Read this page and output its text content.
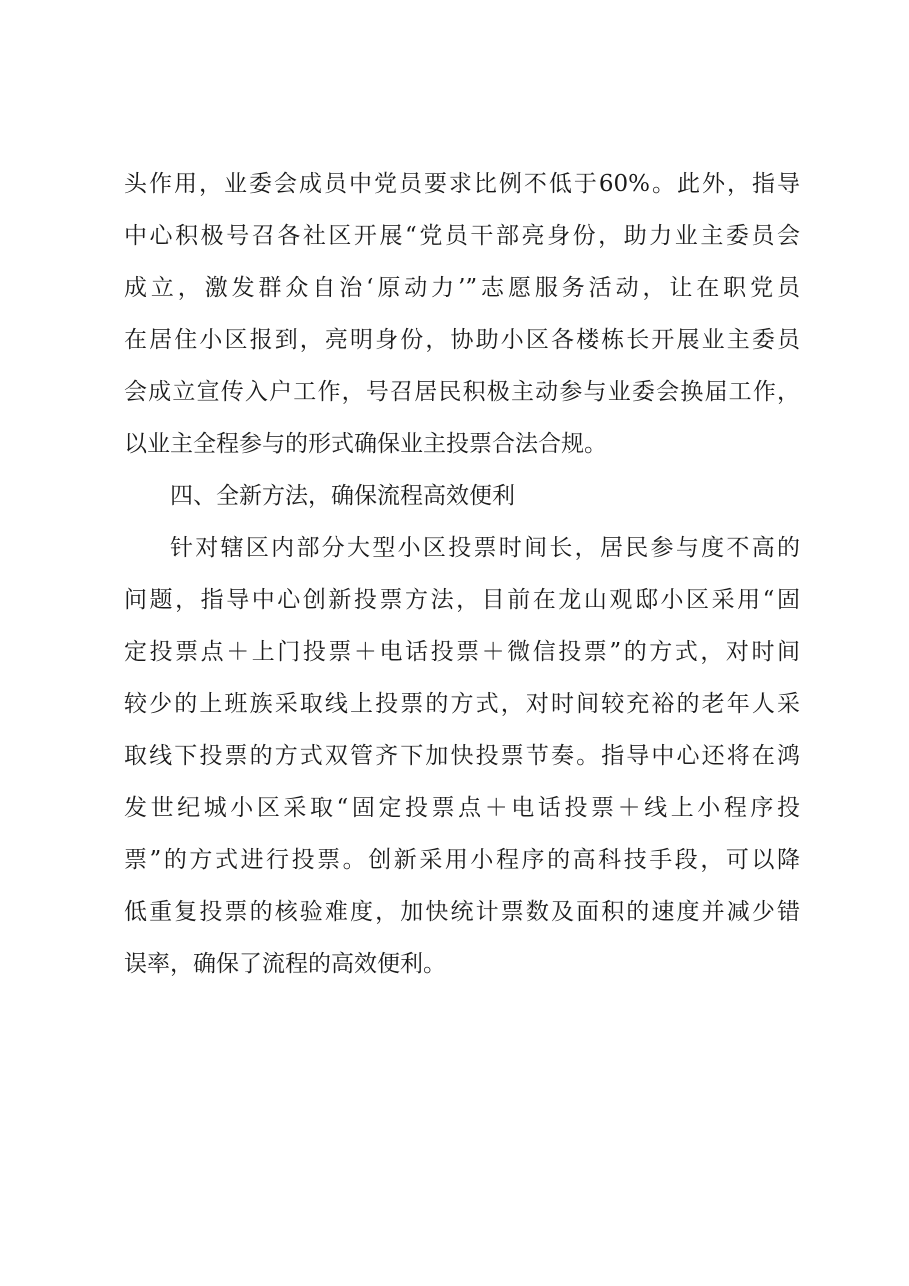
头作用，业委会成员中党员要求比例不低于60%。此外，指导
中心积极号召各社区开展“党员干部亮身份，助力业主委员会
成立，激发群众自治‘原动力’”志愿服务活动，让在职党员
在居住小区报到，亮明身份，协助小区各楼栋长开展业主委员
会成立宣传入户工作，号召居民积极主动参与业委会换届工作，
以业主全程参与的形式确保业主投票合法合规。
四、全新方法，确保流程高效便利
针对辖区内部分大型小区投票时间长，居民参与度不高的
问题，指导中心创新投票方法，目前在龙山观邸小区采用“固
定投票点＋上门投票＋电话投票＋微信投票”的方式，对时间
较少的上班族采取线上投票的方式，对时间较充裕的老年人采
取线下投票的方式双管齐下加快投票节奏。指导中心还将在鸿
发世纪城小区采取“固定投票点＋电话投票＋线上小程序投
票”的方式进行投票。创新采用小程序的高科技手段，可以降
低重复投票的核验难度，加快统计票数及面积的速度并减少错
误率，确保了流程的高效便利。
